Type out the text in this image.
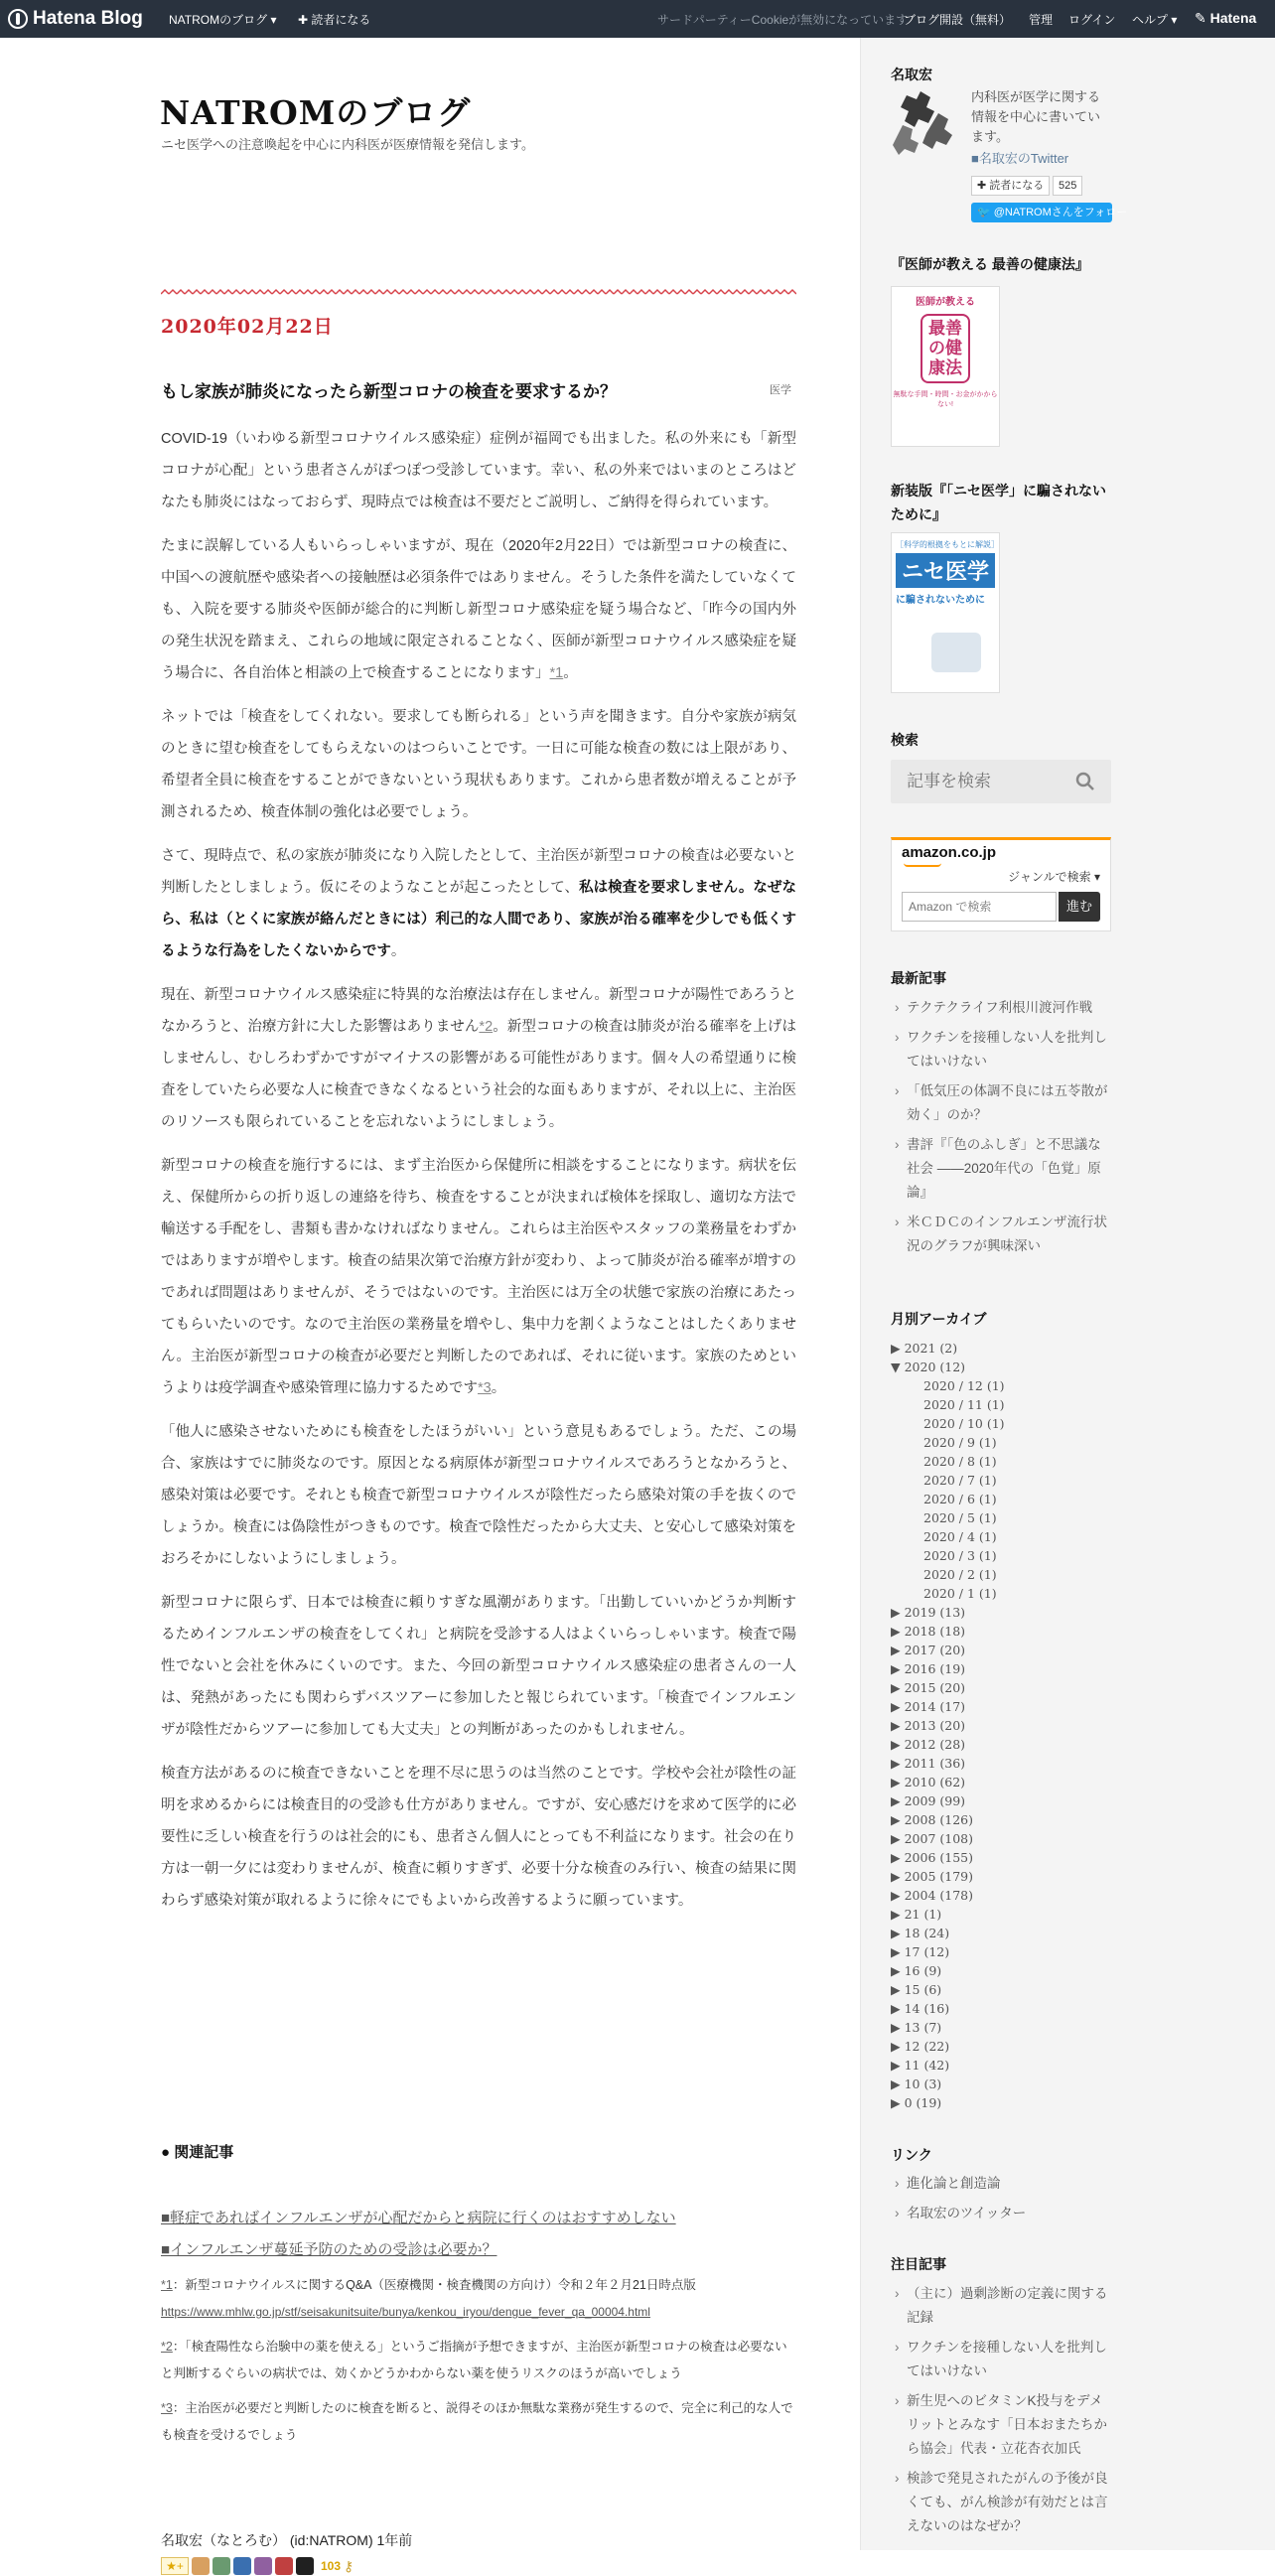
Hatena Blog NATROMのブログ ▾ ✚ 読者になる	サードパーティーCookieが無効になっています
ブログ開設（無料） 管理 ログイン ヘルプ ▾ ✎ Hatena
NATROMのブログ
ニセ医学への注意喚起を中心に内科医が医療情報を発信します。
2020年02月22日
もし家族が肺炎になったら新型コロナの検査を要求するか？	医学

COVID-19（いわゆる新型コロナウイルス感染症）症例が福岡でも出ました。私の外来にも「新型コロナが心配」という患者さんがぽつぽつ受診しています。幸い、私の外来ではいまのところはどなたも肺炎にはなっておらず、現時点では検査は不要だとご説明し、ご納得を得られています。

たまに誤解している人もいらっしゃいますが、現在（2020年2月22日）では新型コロナの検査に、中国への渡航歴や感染者への接触歴は必須条件ではありません。そうした条件を満たしていなくても、入院を要する肺炎や医師が総合的に判断し新型コロナ感染症を疑う場合など、「昨今の国内外の発生状況を踏まえ、これらの地域に限定されることなく、医師が新型コロナウイルス感染症を疑う場合に、各自治体と相談の上で検査することになります」*1。

ネットでは「検査をしてくれない。要求しても断られる」という声を聞きます。自分や家族が病気のときに望む検査をしてもらえないのはつらいことです。一日に可能な検査の数には上限があり、希望者全員に検査をすることができないという現状もあります。これから患者数が増えることが予測されるため、検査体制の強化は必要でしょう。

さて、現時点で、私の家族が肺炎になり入院したとして、主治医が新型コロナの検査は必要ないと判断したとしましょう。仮にそのようなことが起こったとして、私は検査を要求しません。なぜなら、私は（とくに家族が絡んだときには）利己的な人間であり、家族が治る確率を少しでも低くするような行為をしたくないからです。

現在、新型コロナウイルス感染症に特異的な治療法は存在しません。新型コロナが陽性であろうとなかろうと、治療方針に大した影響はありません*2。新型コロナの検査は肺炎が治る確率を上げはしませんし、むしろわずかですがマイナスの影響がある可能性があります。個々人の希望通りに検査をしていたら必要な人に検査できなくなるという社会的な面もありますが、それ以上に、主治医のリソースも限られていることを忘れないようにしましょう。

新型コロナの検査を施行するには、まず主治医から保健所に相談をすることになります。病状を伝え、保健所からの折り返しの連絡を待ち、検査をすることが決まれば検体を採取し、適切な方法で輸送する手配をし、書類も書かなければなりません。これらは主治医やスタッフの業務量をわずかではありますが増やします。検査の結果次第で治療方針が変わり、よって肺炎が治る確率が増すのであれば問題はありませんが、そうではないのです。主治医には万全の状態で家族の治療にあたってもらいたいのです。なので主治医の業務量を増やし、集中力を割くようなことはしたくありません。主治医が新型コロナの検査が必要だと判断したのであれば、それに従います。家族のためというよりは疫学調査や感染管理に協力するためです*3。

「他人に感染させないためにも検査をしたほうがいい」という意見もあるでしょう。ただ、この場合、家族はすでに肺炎なのです。原因となる病原体が新型コロナウイルスであろうとなかろうと、感染対策は必要です。それとも検査で新型コロナウイルスが陰性だったら感染対策の手を抜くのでしょうか。検査には偽陰性がつきものです。検査で陰性だったから大丈夫、と安心して感染対策をおろそかにしないようにしましょう。

新型コロナに限らず、日本では検査に頼りすぎな風潮があります。「出勤していいかどうか判断するためインフルエンザの検査をしてくれ」と病院を受診する人はよくいらっしゃいます。検査で陽性でないと会社を休みにくいのです。また、今回の新型コロナウイルス感染症の患者さんの一人は、発熱があったにも関わらずバスツアーに参加したと報じられています。「検査でインフルエンザが陰性だからツアーに参加しても大丈夫」との判断があったのかもしれません。

検査方法があるのに検査できないことを理不尽に思うのは当然のことです。学校や会社が陰性の証明を求めるからには検査目的の受診も仕方がありません。ですが、安心感だけを求めて医学的に必要性に乏しい検査を行うのは社会的にも、患者さん個人にとっても不利益になります。社会の在り方は一朝一夕には変わりませんが、検査に頼りすぎず、必要十分な検査のみ行い、検査の結果に関わらず感染対策が取れるように徐々にでもよいから改善するように願っています。

● 関連記事
■軽症であればインフルエンザが心配だからと病院に行くのはおすすめしない
■インフルエンザ蔓延予防のための受診は必要か？
*1：新型コロナウイルスに関するQ&A（医療機関・検査機関の方向け）令和２年２月21日時点版
https://www.mhlw.go.jp/stf/seisakunitsuite/bunya/kenkou_iryou/dengue_fever_qa_00004.html
*2：「検査陽性なら治験中の薬を使える」というご指摘が予想できますが、主治医が新型コロナの検査は必要ないと判断するぐらいの病状では、効くかどうかわからない薬を使うリスクのほうが高いでしょう
*3：主治医が必要だと判断したのに検査を断ると、説得そのほか無駄な業務が発生するので、完全に利己的な人でも検査を受けるでしょう
名取宏（なとろむ） (id:NATROM) 1年前
★+	103 ⚷
名取宏
内科医が医学に関する情報を中心に書いています。
■名取宏のTwitter
✚ 読者になる	525
🐦 @NATROMさんをフォロー
『医師が教える 最善の健康法』
医師が教える
最善の健康法
無駄な手間・時間・お金がかからない!
新装版『「ニセ医学」に騙されないために』
［科学的根拠をもとに解説］
ニセ医学
に騙されないために
検索
記事を検索
amazon.co.jp
ジャンルで検索 ▾
Amazon で検索
進む
最新記事
› テクテクライフ利根川渡河作戦
› ワクチンを接種しない人を批判してはいけない
› 「低気圧の体調不良には五苓散が効く」のか？
› 書評『「色のふしぎ」と不思議な社会 ――2020年代の「色覚」原論』
› 米ＣＤＣのインフルエンザ流行状況のグラフが興味深い
月別アーカイブ
▶ 2021 (2)
▼ 2020 (12)
2020 / 12 (1)
2020 / 11 (1)
2020 / 10 (1)
2020 / 9 (1)
2020 / 8 (1)
2020 / 7 (1)
2020 / 6 (1)
2020 / 5 (1)
2020 / 4 (1)
2020 / 3 (1)
2020 / 2 (1)
2020 / 1 (1)
▶ 2019 (13)
▶ 2018 (18)
▶ 2017 (20)
▶ 2016 (19)
▶ 2015 (20)
▶ 2014 (17)
▶ 2013 (20)
▶ 2012 (28)
▶ 2011 (36)
▶ 2010 (62)
▶ 2009 (99)
▶ 2008 (126)
▶ 2007 (108)
▶ 2006 (155)
▶ 2005 (179)
▶ 2004 (178)
▶ 21 (1)
▶ 18 (24)
▶ 17 (12)
▶ 16 (9)
▶ 15 (6)
▶ 14 (16)
▶ 13 (7)
▶ 12 (22)
▶ 11 (42)
▶ 10 (3)
▶ 0 (19)
リンク
› 進化論と創造論
› 名取宏のツイッター
注目記事
› （主に）過剰診断の定義に関する記録
› ワクチンを接種しない人を批判してはいけない
› 新生児へのビタミンK投与をデメリットとみなす「日本おまたちから協会」代表・立花杏衣加氏
› 検診で発見されたがんの予後が良くても、がん検診が有効だとは言えないのはなぜか？
